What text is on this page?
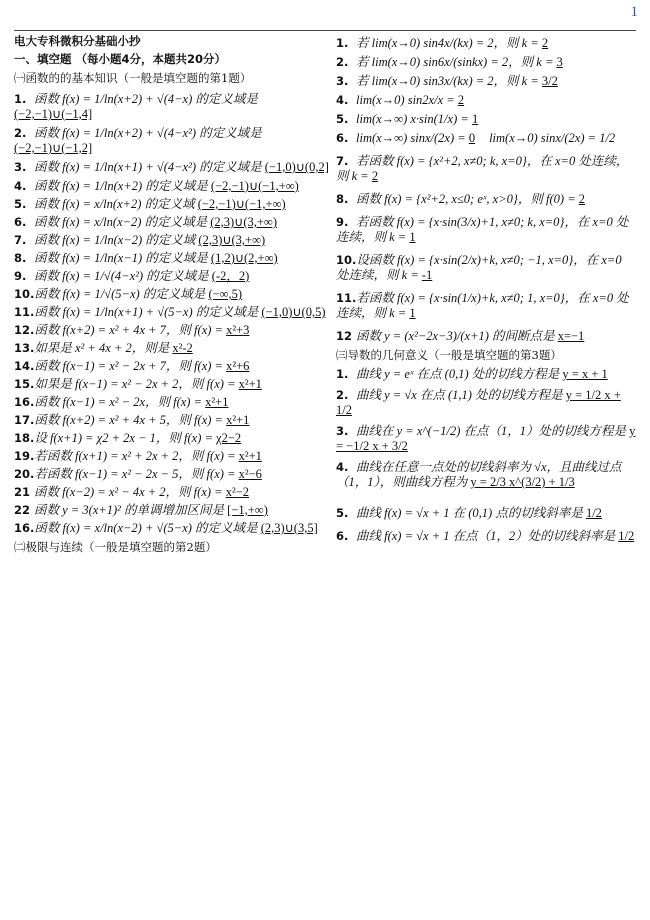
1
电大专科微积分基础小抄
一、填空题 （每小题4分，本题共20分）
㈠函数的的基本知识（一般是填空题的第1题）
1. 函数 f(x) = 1/ln(x+2) + √(4−x) 的定义域是 (−2,−1)∪(−1,4]
2. 函数 f(x) = 1/ln(x+2) + √(4−x²) 的定义域是 (−2,−1)∪(−1,2]
3. 函数 f(x) = 1/ln(x+1) + √(4−x²) 的定义域是 (−1,0)∪(0,2]
4. 函数 f(x) = 1/ln(x+2) 的定义域是 (−2,−1)∪(−1,+∞)
5. 函数 f(x) = x/ln(x+2) 的定义域 (−2,−1)∪(−1,+∞)
6. 函数 f(x) = x/ln(x−2) 的定义域是 (2,3)∪(3,+∞)
7. 函数 f(x) = 1/ln(x−2) 的定义域 (2,3)∪(3,+∞)
8. 函数 f(x) = 1/ln(x−1) 的定义域是 (1,2)∪(2,+∞)
9. 函数 f(x) = 1/√(4−x²) 的定义域是 (-2，2)
10.函数 f(x) = 1/√(5−x) 的定义域是 (−∞,5)
11.函数 f(x) = 1/ln(x+1) + √(5−x) 的定义域是 (−1,0)∪(0,5)
12.函数 f(x+2) = x² + 4x + 7，则 f(x) = x²+3
13.如果是 x² + 4x + 2，则是 x²-2
14.函数 f(x−1) = x² − 2x + 7，则 f(x) = x²+6
15.如果是 f(x−1) = x² − 2x + 2，则 f(x) = x²+1
16.函数 f(x−1) = x² − 2x，则 f(x) = x²+1
17.函数 f(x+2) = x² + 4x + 5，则 f(x) = x²+1
18.设 f(x+1) = χ2 + 2x − 1，则 f(x) = χ2−2
19.若函数 f(x+1) = x² + 2x + 2，则 f(x) = x²+1
20.若函数 f(x−1) = x² − 2x − 5，则 f(x) = x²−6
21 函数 f(x−2) = x² − 4x + 2，则 f(x) = x²−2
22 函数 y = 3(x+1)² 的单调增加区间是 [−1,+∞)
16.函数 f(x) = x/ln(x−2) + √(5−x) 的定义域是 (2,3)∪(3,5]
㈡极限与连续（一般是填空题的第2题）
1. 若 lim(x→0) sin4x/(kx) = 2，则 k = 2
2. 若 lim(x→0) sin6x/(sinkx) = 2，则 k = 3
3. 若 lim(x→0) sin3x/(kx) = 2，则 k = 3/2
4. lim(x→0) sin2x/x = 2
5. lim(x→∞) x·sin(1/x) = 1
6. lim(x→∞) sinx/(2x) = 0 lim(x→0) sinx/(2x) = 1/2
7. 若函数 f(x) = {x²+2, x≠0; k, x=0}，在 x=0 处连续，则 k = 2
8. 函数 f(x) = {x²+2, x≤0; eˣ, x>0}，则 f(0) = 2
9. 若函数 f(x) = {x·sin(3/x)+1, x≠0; k, x=0}，在 x=0 处连续，则 k = 1
10.设函数 f(x) = {x·sin(2/x)+k, x≠0; −1, x=0}，在 x=0 处连续，则 k = -1
11.若函数 f(x) = {x·sin(1/x)+k, x≠0; 1, x=0}，在 x=0 处连续，则 k = 1
12 函数 y = (x²−2x−3)/(x+1) 的间断点是 x=−1
㈢导数的几何意义（一般是填空题的第3题）
1. 曲线 y = eˣ 在点 (0,1) 处的切线方程是 y = x + 1
2. 曲线 y = √x 在点 (1,1) 处的切线方程是 y = 1/2 x + 1/2
3. 曲线在 y = x^(−1/2) 在点（1，1）处的切线方程是 y = −1/2 x + 3/2
4. 曲线在任意一点处的切线斜率为 √x，且曲线过点（1，1），则曲线方程为 y = 2/3 x^(3/2) + 1/3
5. 曲线 f(x) = √x + 1 在 (0,1) 点的切线斜率是 1/2
6. 曲线 f(x) = √x + 1 在点（1，2）处的切线斜率是 1/2
